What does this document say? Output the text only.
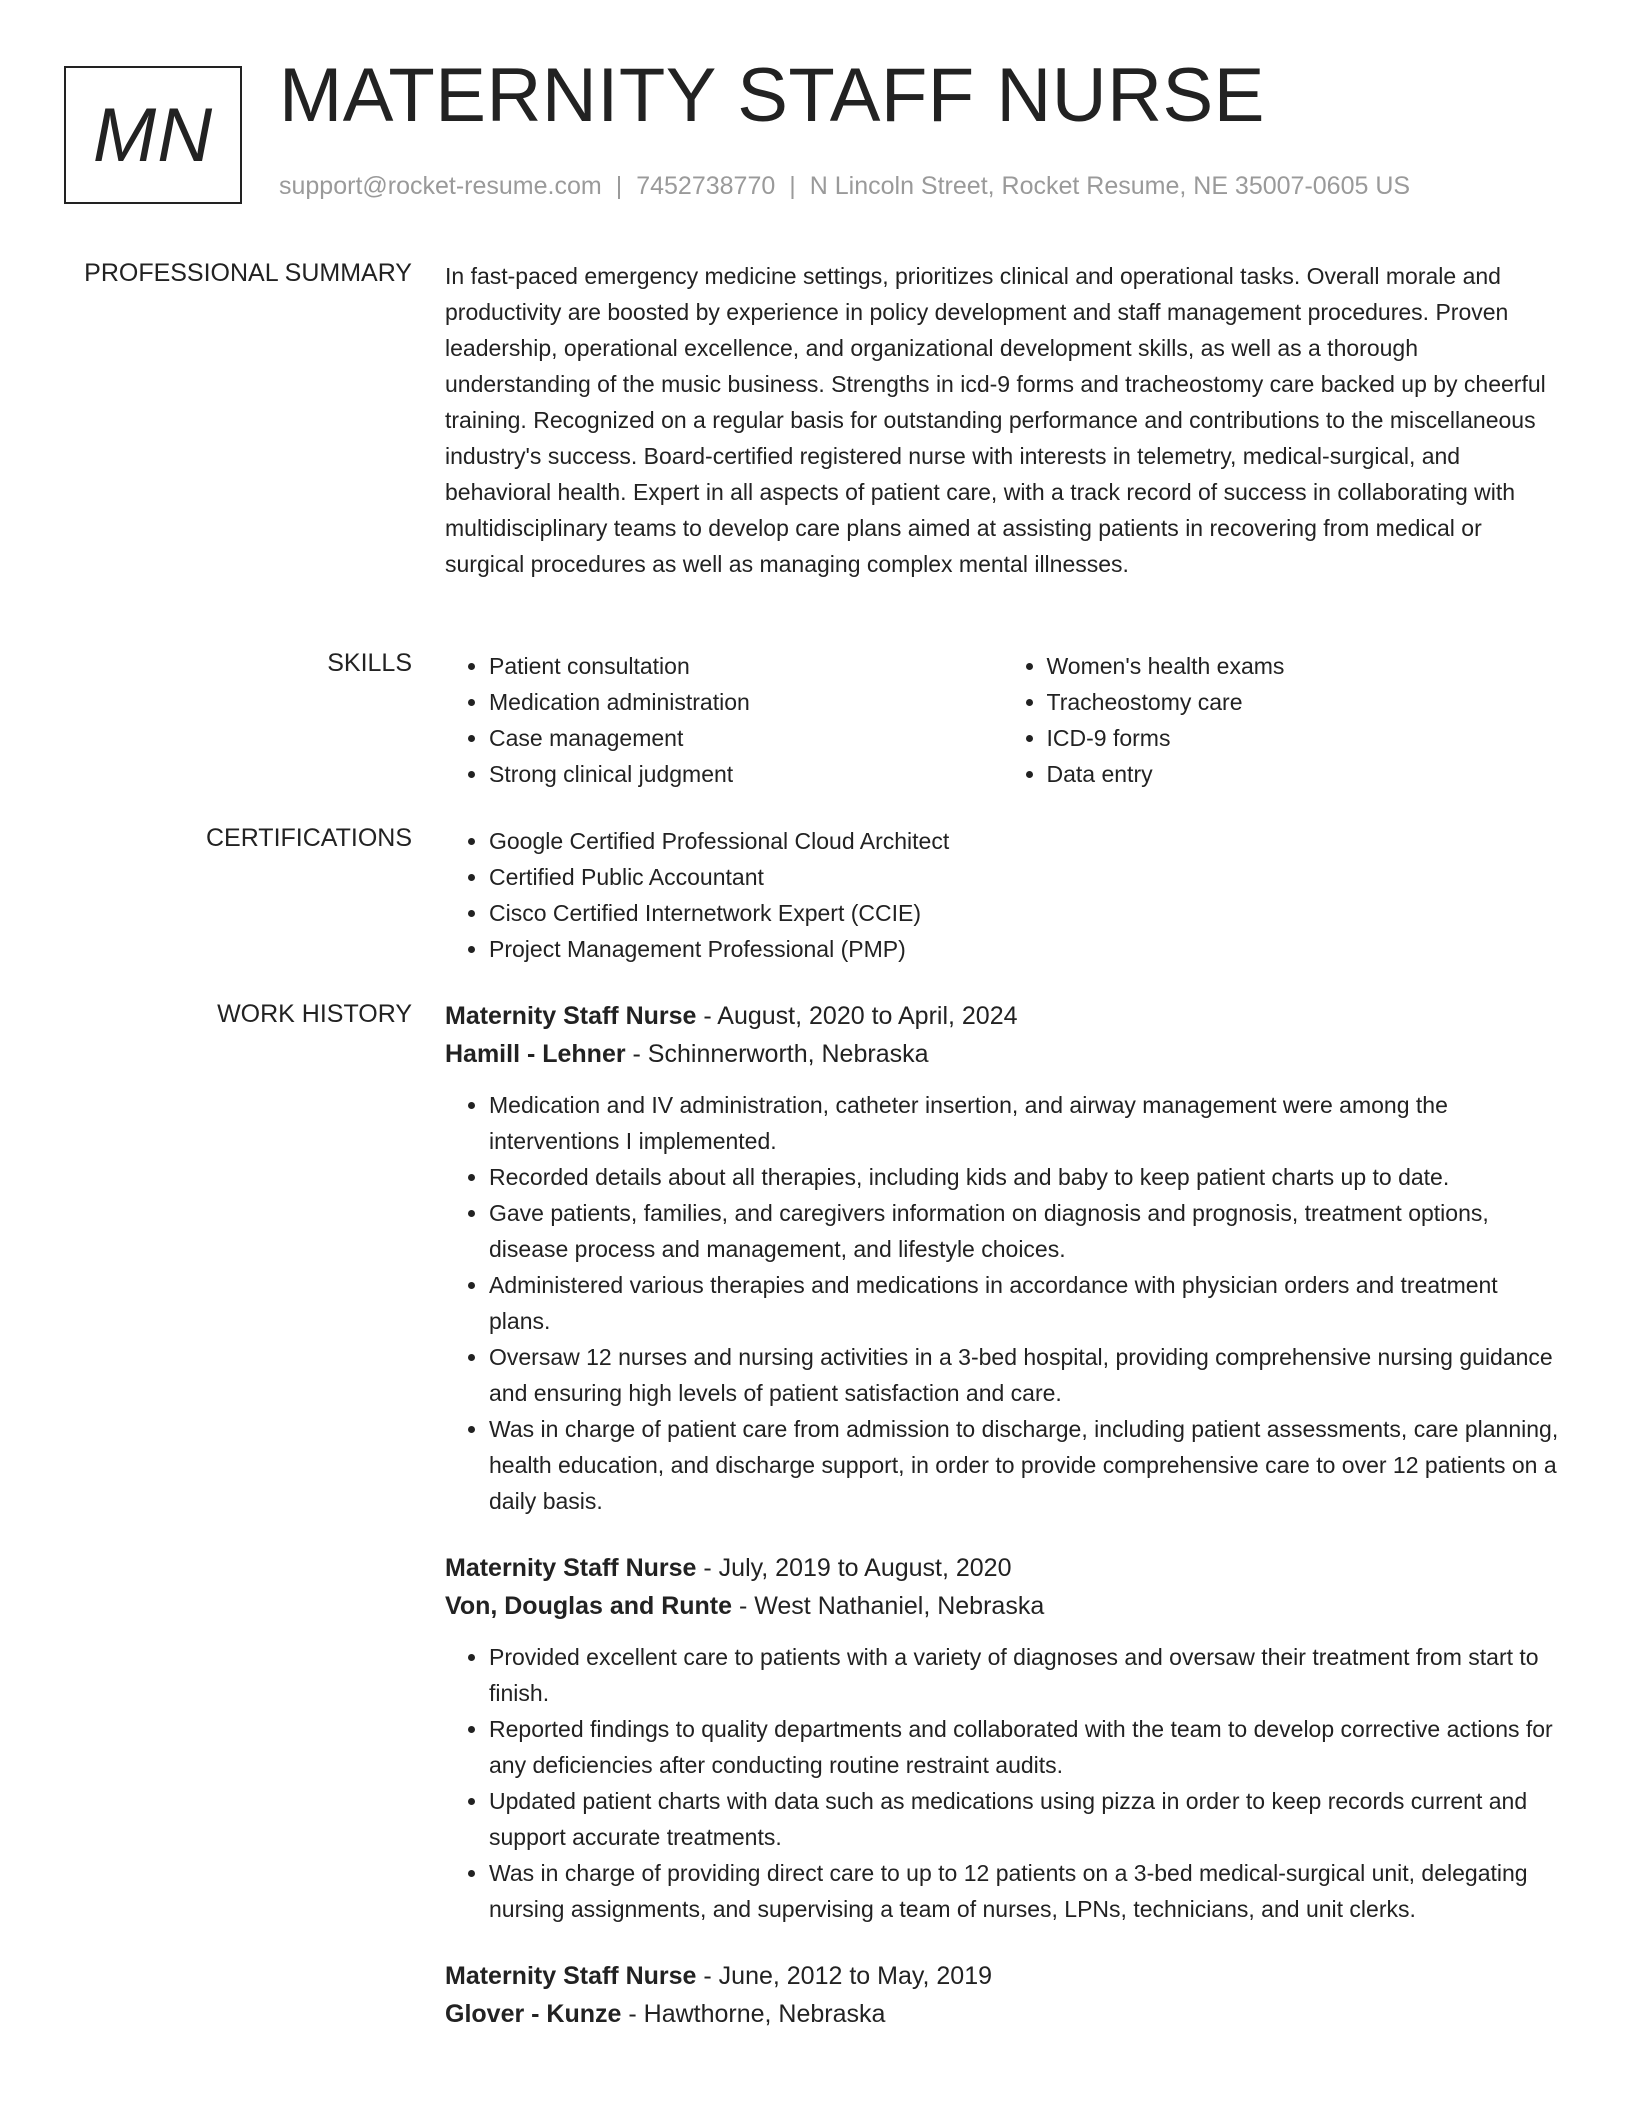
MN MATERNITY STAFF NURSE
support@rocket-resume.com | 7452738770 | N Lincoln Street, Rocket Resume, NE 35007-0605 US
PROFESSIONAL SUMMARY In fast-paced emergency medicine settings, prioritizes clinical and operational tasks. Overall morale and productivity are boosted by experience in policy development and staff management procedures. Proven leadership, operational excellence, and organizational development skills, as well as a thorough understanding of the music business. Strengths in icd-9 forms and tracheostomy care backed up by cheerful training. Recognized on a regular basis for outstanding performance and contributions to the miscellaneous industry's success. Board-certified registered nurse with interests in telemetry, medical-surgical, and behavioral health. Expert in all aspects of patient care, with a track record of success in collaborating with multidisciplinary teams to develop care plans aimed at assisting patients in recovering from medical or surgical procedures as well as managing complex mental illnesses.

SKILLS	• Patient consultation
• Medication administration
• Case management
• Strong clinical judgment
• Women's health exams
• Tracheostomy care
• ICD-9 forms
• Data entry
CERTIFICATIONS	• Google Certified Professional Cloud Architect
• Certified Public Accountant
• Cisco Certified Internetwork Expert (CCIE)
• Project Management Professional (PMP)
WORK HISTORY Maternity Staff Nurse - August, 2020 to April, 2024
Hamill - Lehner - Schinnerworth, Nebraska
• Medication and IV administration, catheter insertion, and airway management were among the interventions I implemented.
• Recorded details about all therapies, including kids and baby to keep patient charts up to date.
• Gave patients, families, and caregivers information on diagnosis and prognosis, treatment options, disease process and management, and lifestyle choices.
• Administered various therapies and medications in accordance with physician orders and treatment plans.
• Oversaw 12 nurses and nursing activities in a 3-bed hospital, providing comprehensive nursing guidance and ensuring high levels of patient satisfaction and care.
• Was in charge of patient care from admission to discharge, including patient assessments, care planning, health education, and discharge support, in order to provide comprehensive care to over 12 patients on a daily basis.
Maternity Staff Nurse - July, 2019 to August, 2020
Von, Douglas and Runte - West Nathaniel, Nebraska
• Provided excellent care to patients with a variety of diagnoses and oversaw their treatment from start to finish.
• Reported findings to quality departments and collaborated with the team to develop corrective actions for any deficiencies after conducting routine restraint audits.
• Updated patient charts with data such as medications using pizza in order to keep records current and support accurate treatments.
• Was in charge of providing direct care to up to 12 patients on a 3-bed medical-surgical unit, delegating nursing assignments, and supervising a team of nurses, LPNs, technicians, and unit clerks.
Maternity Staff Nurse - June, 2012 to May, 2019
Glover - Kunze - Hawthorne, Nebraska
